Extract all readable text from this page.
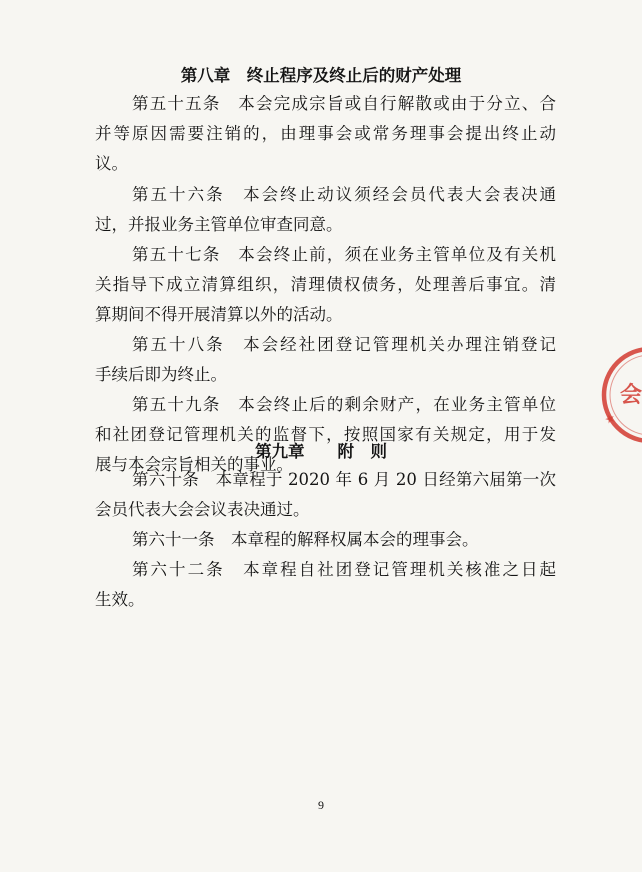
第八章　终止程序及终止后的财产处理
第五十五条　本会完成宗旨或自行解散或由于分立、合
并等原因需要注销的，由理事会或常务理事会提出终止动
议。
第五十六条　本会终止动议须经会员代表大会表决通
过，并报业务主管单位审查同意。
第五十七条　本会终止前，须在业务主管单位及有关机
关指导下成立清算组织，清理债权债务，处理善后事宜。清
算期间不得开展清算以外的活动。
第五十八条　本会经社团登记管理机关办理注销登记
手续后即为终止。
第五十九条　本会终止后的剩余财产，在业务主管单位
和社团登记管理机关的监督下，按照国家有关规定，用于发
展与本会宗旨相关的事业。
第九章　　附　则
第六十条　本章程于 2020 年 6 月 20 日经第六届第一次
会员代表大会会议表决通过。
第六十一条　本章程的解释权属本会的理事会。
第六十二条　本章程自社团登记管理机关核准之日起
生效。
9
会
★
